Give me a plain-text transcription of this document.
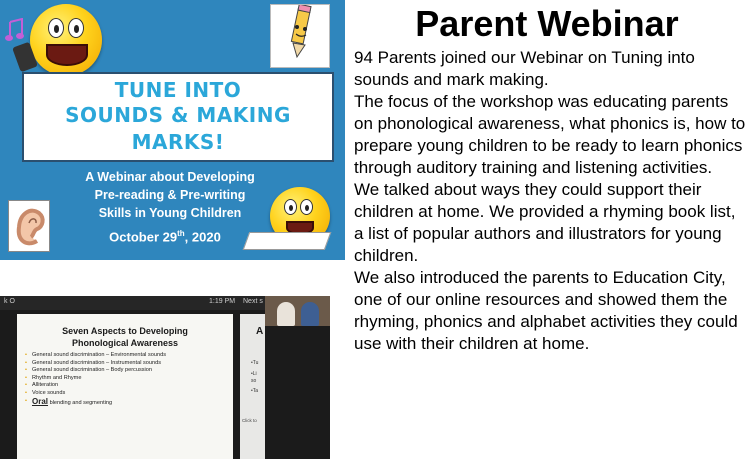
TUNE INTO
SOUNDS & MAKING
MARKS!
A Webinar about Developing
Pre-reading & Pre-writing
Skills in Young Children
October 29th, 2020
k O	1:19 PM Next s
Seven Aspects to Developing
Phonological Awareness
• General sound discrimination – Environmental sounds
• General sound discrimination – Instrumental sounds
• General sound discrimination – Body percussion
• Rhythm and Rhyme
• Alliteration
• Voice sounds
• Oral blending and segmenting
A
•Tu
•Li
so
•Ta
Click to
Parent Webinar

94 Parents joined our Webinar on Tuning into sounds and mark making.

The focus of the workshop was educating parents on phonological awareness, what phonics is, how to prepare young children to be ready to learn phonics through auditory training and listening activities.

We talked about ways they could support their children at home. We provided a rhyming book list, a list of popular authors and illustrators for young children.

We also introduced the parents to Education City, one of our online resources and showed them the rhyming, phonics and alphabet activities they could use with their children at home.
